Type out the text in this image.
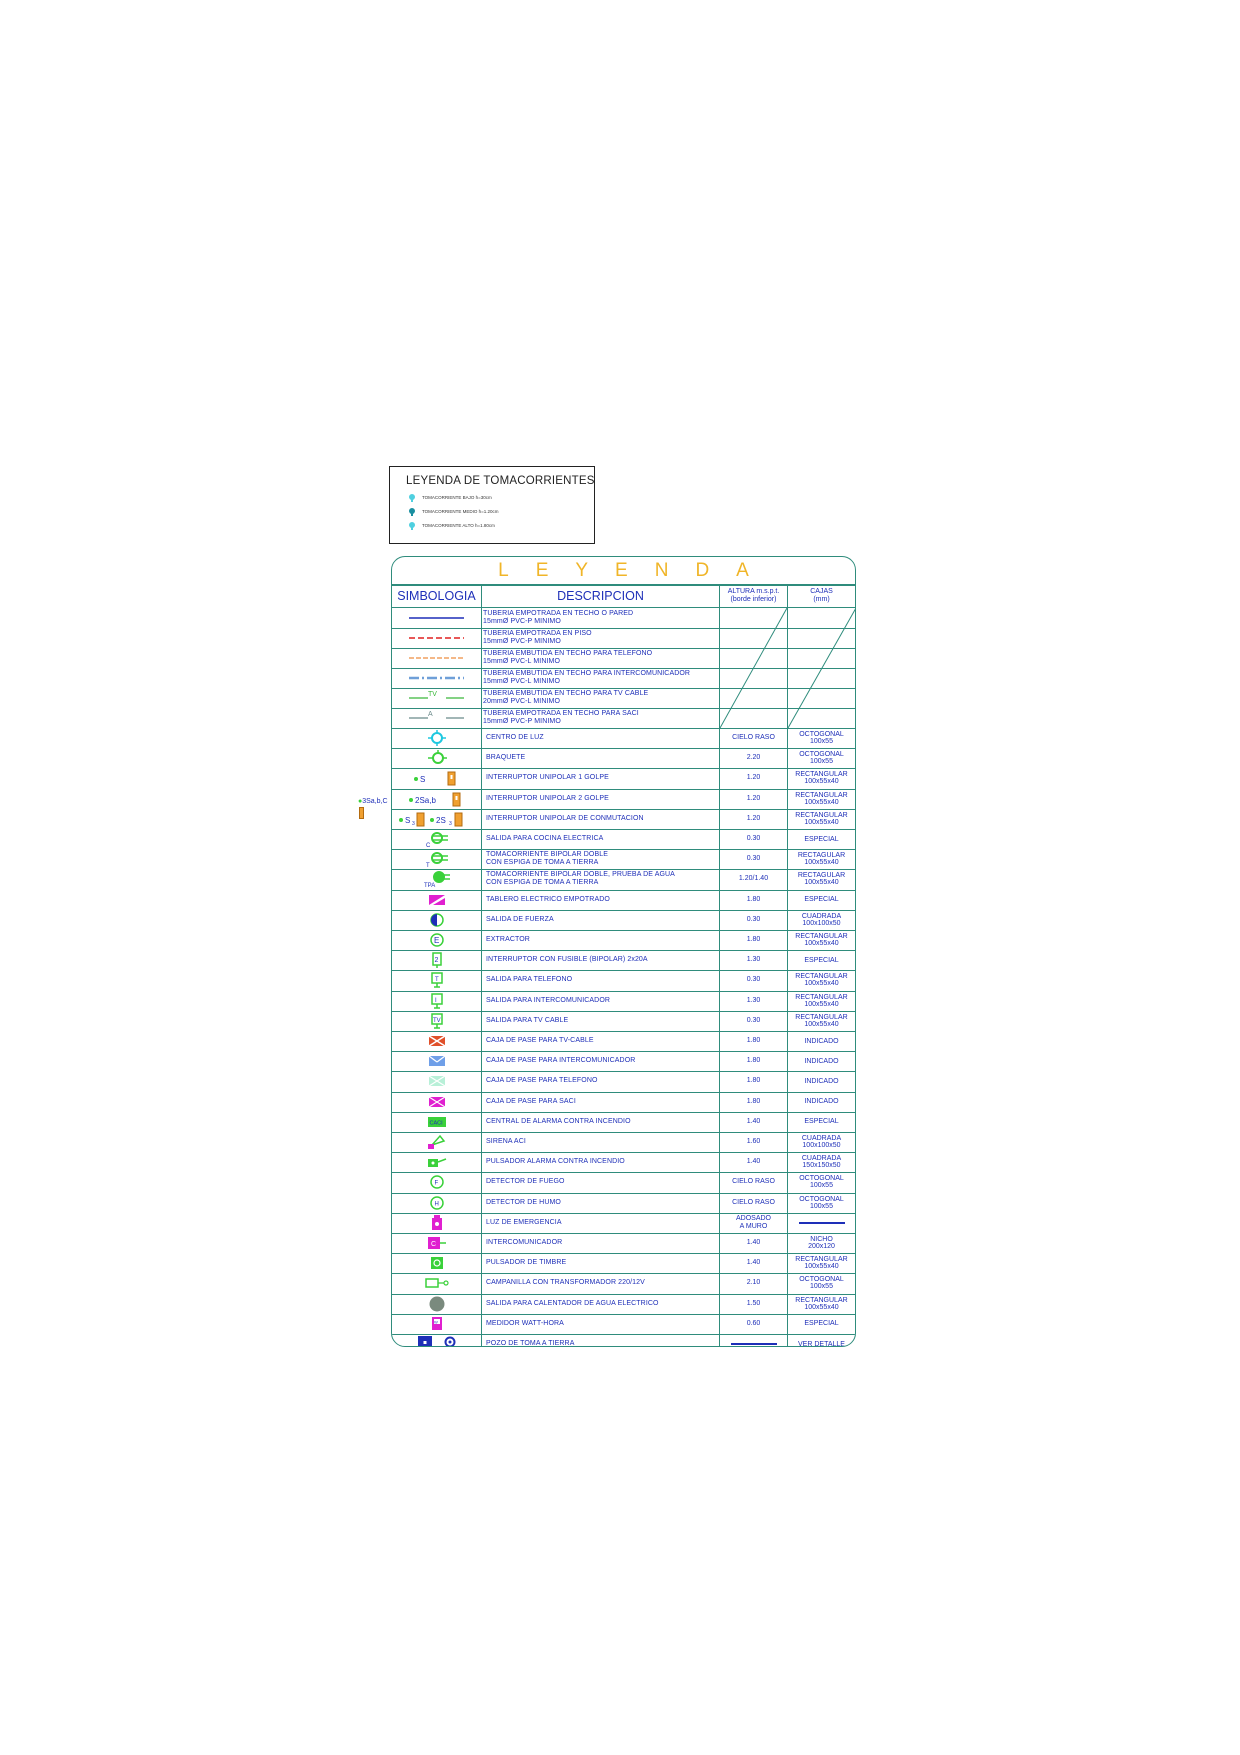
LEYENDA DE TOMACORRIENTES
TOMACORRIENTE BAJO h=30cm
TOMACORRIENTE MEDIO h=1.20cm
TOMACORRIENTE ALTO h=1.80cm
●3Sa,b,C
LEYENDA
SIMBOLOGIA	DESCRIPCION	ALTURA m.s.p.t.
(borde inferior)
CAJAS
(mm)
TUBERIA EMPOTRADA EN TECHO O PARED
15mmØ PVC-P MINIMO
TUBERIA EMPOTRADA EN PISO
15mmØ PVC-P MINIMO
TUBERIA EMBUTIDA EN TECHO PARA TELEFONO
15mmØ PVC-L MINIMO
TUBERIA EMBUTIDA EN TECHO PARA INTERCOMUNICADOR
15mmØ PVC-L MINIMO
TV	TUBERIA EMBUTIDA EN TECHO PARA TV CABLE
20mmØ PVC-L MINIMO
A	TUBERIA EMPOTRADA EN TECHO PARA SACI
15mmØ PVC-P MINIMO
CENTRO DE LUZ	CIELO RASO	OCTOGONAL
100x55
BRAQUETE	2.20	OCTOGONAL
100x55
S	INTERRUPTOR UNIPOLAR 1 GOLPE	1.20	RECTANGULAR
100x55x40
2Sa,b	INTERRUPTOR UNIPOLAR 2 GOLPE	1.20	RECTANGULAR
100x55x40
S 3	2S 3
INTERRUPTOR UNIPOLAR DE CONMUTACION	1.20	RECTANGULAR
100x55x40
C
SALIDA PARA COCINA ELECTRICA	0.30	ESPECIAL
T
TOMACORRIENTE BIPOLAR DOBLE
CON ESPIGA DE TOMA A TIERRA
0.30	RECTAGULAR
100x55x40
TPA
TOMACORRIENTE BIPOLAR DOBLE, PRUEBA DE AGUA
CON ESPIGA DE TOMA A TIERRA
1.20/1.40	RECTAGULAR
100x55x40
TABLERO ELECTRICO EMPOTRADO	1.80	ESPECIAL
SALIDA DE FUERZA	0.30	CUADRADA
100x100x50
E	EXTRACTOR	1.80	RECTANGULAR
100x55x40
2	INTERRUPTOR CON FUSIBLE (BIPOLAR) 2x20A	1.30	ESPECIAL
T	SALIDA PARA TELEFONO	0.30	RECTANGULAR
100x55x40
I	SALIDA PARA INTERCOMUNICADOR	1.30	RECTANGULAR
100x55x40
TV	SALIDA PARA TV CABLE	0.30	RECTANGULAR
100x55x40
CAJA DE PASE PARA TV-CABLE	1.80	INDICADO
CAJA DE PASE PARA INTERCOMUNICADOR	1.80	INDICADO
CAJA DE PASE PARA TELEFONO	1.80	INDICADO
CAJA DE PASE PARA SACI	1.80	INDICADO
CACI	CENTRAL DE ALARMA CONTRA INCENDIO	1.40	ESPECIAL
SIRENA ACI	1.60	CUADRADA
100x100x50
PULSADOR ALARMA CONTRA INCENDIO	1.40	CUADRADA
150x150x50
F	DETECTOR DE FUEGO	CIELO RASO	OCTOGONAL
100x55
H	DETECTOR DE HUMO	CIELO RASO	OCTOGONAL
100x55
LUZ DE EMERGENCIA
ADOSADO
A MURO
C	INTERCOMUNICADOR	1.40	NICHO
200x120
PULSADOR DE TIMBRE	1.40	RECTANGULAR
100x55x40
CAMPANILLA CON TRANSFORMADOR 220/12V	2.10	OCTOGONAL
100x55
SALIDA PARA CALENTADOR DE AGUA ELECTRICO	1.50	RECTANGULAR
100x55x40
W	MEDIDOR WATT-HORA	0.60	ESPECIAL
POZO DE TOMA A TIERRA	VER DETALLE
